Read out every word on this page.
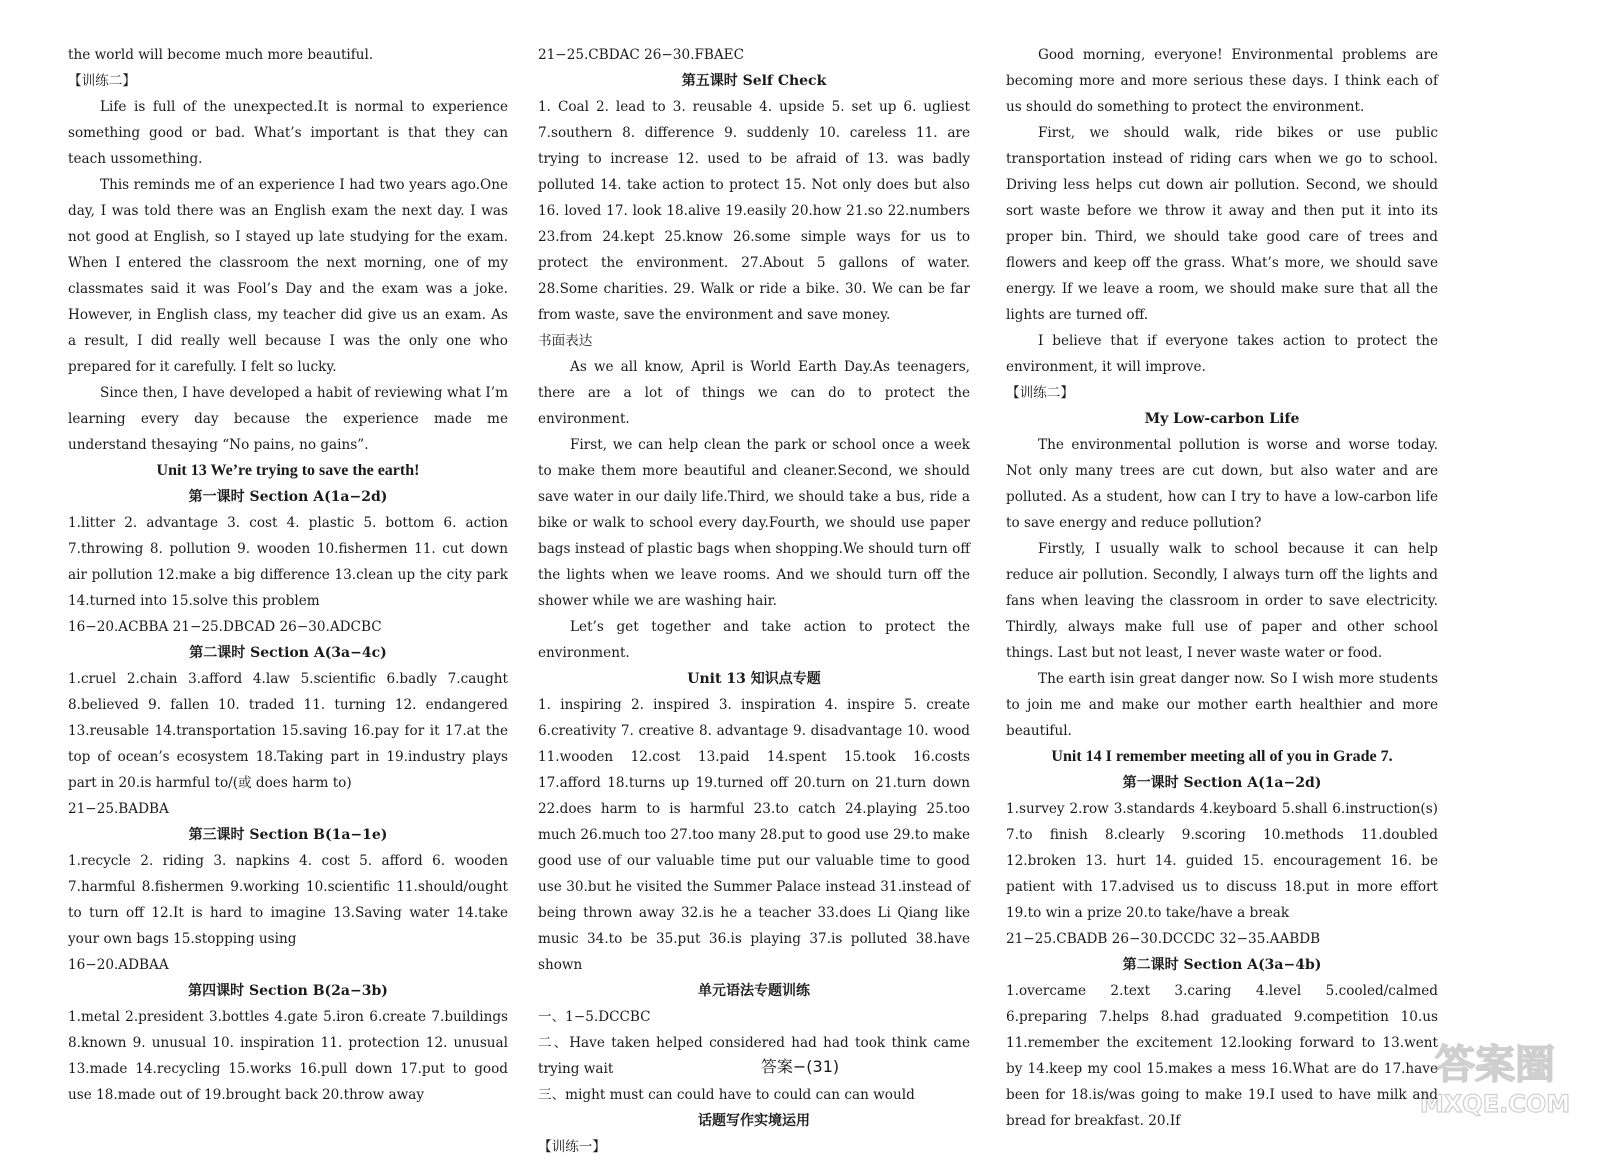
the world will become much more beautiful.
【训练二】
Life is full of the unexpected.It is normal to experience something good or bad. What’s important is that they can teach ussomething.
This reminds me of an experience I had two years ago.One day, I was told there was an English exam the next day. I was not good at English, so I stayed up late studying for the exam. When I entered the classroom the next morning, one of my classmates said it was Fool’s Day and the exam was a joke. However, in English class, my teacher did give us an exam. As a result, I did really well because I was the only one who prepared for it carefully. I felt so lucky.
Since then, I have developed a habit of reviewing what I’m learning every day because the experience made me understand thesaying “No pains, no gains”.
Unit 13 We’re trying to save the earth!
第一课时 Section A(1a−2d)
1.litter 2. advantage 3. cost 4. plastic 5. bottom 6. action 7.throwing 8. pollution 9. wooden 10.fishermen 11. cut down air pollution 12.make a big difference 13.clean up the city park 14.turned into 15.solve this problem
16−20.ACBBA 21−25.DBCAD 26−30.ADCBC
第二课时 Section A(3a−4c)
1.cruel 2.chain 3.afford 4.law 5.scientific 6.badly 7.caught 8.believed 9. fallen 10. traded 11. turning 12. endangered 13.reusable 14.transportation 15.saving 16.pay for it 17.at the top of ocean’s ecosystem 18.Taking part in 19.industry plays part in 20.is harmful to/(或 does harm to)
21−25.BADBA
第三课时 Section B(1a−1e)
1.recycle 2. riding 3. napkins 4. cost 5. afford 6. wooden 7.harmful 8.fishermen 9.working 10.scientific 11.should/ought to turn off 12.It is hard to imagine 13.Saving water 14.take your own bags 15.stopping using
16−20.ADBAA
第四课时 Section B(2a−3b)
1.metal 2.president 3.bottles 4.gate 5.iron 6.create 7.buildings 8.known 9. unusual 10. inspiration 11. protection 12. unusual 13.made 14.recycling 15.works 16.pull down 17.put to good use 18.made out of 19.brought back 20.throw away
21−25.CBDAC 26−30.FBAEC
第五课时 Self Check
1. Coal 2. lead to 3. reusable 4. upside 5. set up 6. ugliest 7.southern 8. difference 9. suddenly 10. careless 11. are trying to increase 12. used to be afraid of 13. was badly polluted 14. take action to protect 15. Not only does but also 16. loved 17. look 18.alive 19.easily 20.how 21.so 22.numbers 23.from 24.kept 25.know 26.some simple ways for us to protect the environment. 27.About 5 gallons of water. 28.Some charities. 29. Walk or ride a bike. 30. We can be far from waste, save the environment and save money.
书面表达
As we all know, April is World Earth Day.As teenagers, there are a lot of things we can do to protect the environment.
First, we can help clean the park or school once a week to make them more beautiful and cleaner.Second, we should save water in our daily life.Third, we should take a bus, ride a bike or walk to school every day.Fourth, we should use paper bags instead of plastic bags when shopping.We should turn off the lights when we leave rooms. And we should turn off the shower while we are washing hair.
Let’s get together and take action to protect the environment.
Unit 13 知识点专题
1. inspiring 2. inspired 3. inspiration 4. inspire 5. create 6.creativity 7. creative 8. advantage 9. disadvantage 10. wood 11.wooden 12.cost 13.paid 14.spent 15.took 16.costs 17.afford 18.turns up 19.turned off 20.turn on 21.turn down 22.does harm to is harmful 23.to catch 24.playing 25.too much 26.much too 27.too many 28.put to good use 29.to make good use of our valuable time put our valuable time to good use 30.but he visited the Summer Palace instead 31.instead of being thrown away 32.is he a teacher 33.does Li Qiang like music 34.to be 35.put 36.is playing 37.is polluted 38.have shown
单元语法专题训练
一、1−5.DCCBC
二、Have taken helped considered had had took think came trying wait
三、might must can could have to could can can would
话题写作实境运用
【训练一】
Good morning, everyone! Environmental problems are becoming more and more serious these days. I think each of us should do something to protect the environment.
First, we should walk, ride bikes or use public transportation instead of riding cars when we go to school. Driving less helps cut down air pollution. Second, we should sort waste before we throw it away and then put it into its proper bin. Third, we should take good care of trees and flowers and keep off the grass. What’s more, we should save energy. If we leave a room, we should make sure that all the lights are turned off.
I believe that if everyone takes action to protect the environment, it will improve.
【训练二】
My Low-carbon Life
The environmental pollution is worse and worse today. Not only many trees are cut down, but also water and are polluted. As a student, how can I try to have a low-carbon life to save energy and reduce pollution?
Firstly, I usually walk to school because it can help reduce air pollution. Secondly, I always turn off the lights and fans when leaving the classroom in order to save electricity. Thirdly, always make full use of paper and other school things. Last but not least, I never waste water or food.
The earth isin great danger now. So I wish more students to join me and make our mother earth healthier and more beautiful.
Unit 14 I remember meeting all of you in Grade 7.
第一课时 Section A(1a−2d)
1.survey 2.row 3.standards 4.keyboard 5.shall 6.instruction(s) 7.to finish 8.clearly 9.scoring 10.methods 11.doubled 12.broken 13. hurt 14. guided 15. encouragement 16. be patient with 17.advised us to discuss 18.put in more effort 19.to win a prize 20.to take/have a break
21−25.CBADB 26−30.DCCDC 32−35.AABDB
第二课时 Section A(3a−4b)
1.overcame 2.text 3.caring 4.level 5.cooled/calmed 6.preparing 7.helps 8.had graduated 9.competition 10.us 11.remember the excitement 12.looking forward to 13.went by 14.keep my cool 15.makes a mess 16.What are do 17.have been for 18.is/was going to make 19.I used to have milk and bread for breakfast. 20.If
答案−(31)	答案圈
MXQE.COM
